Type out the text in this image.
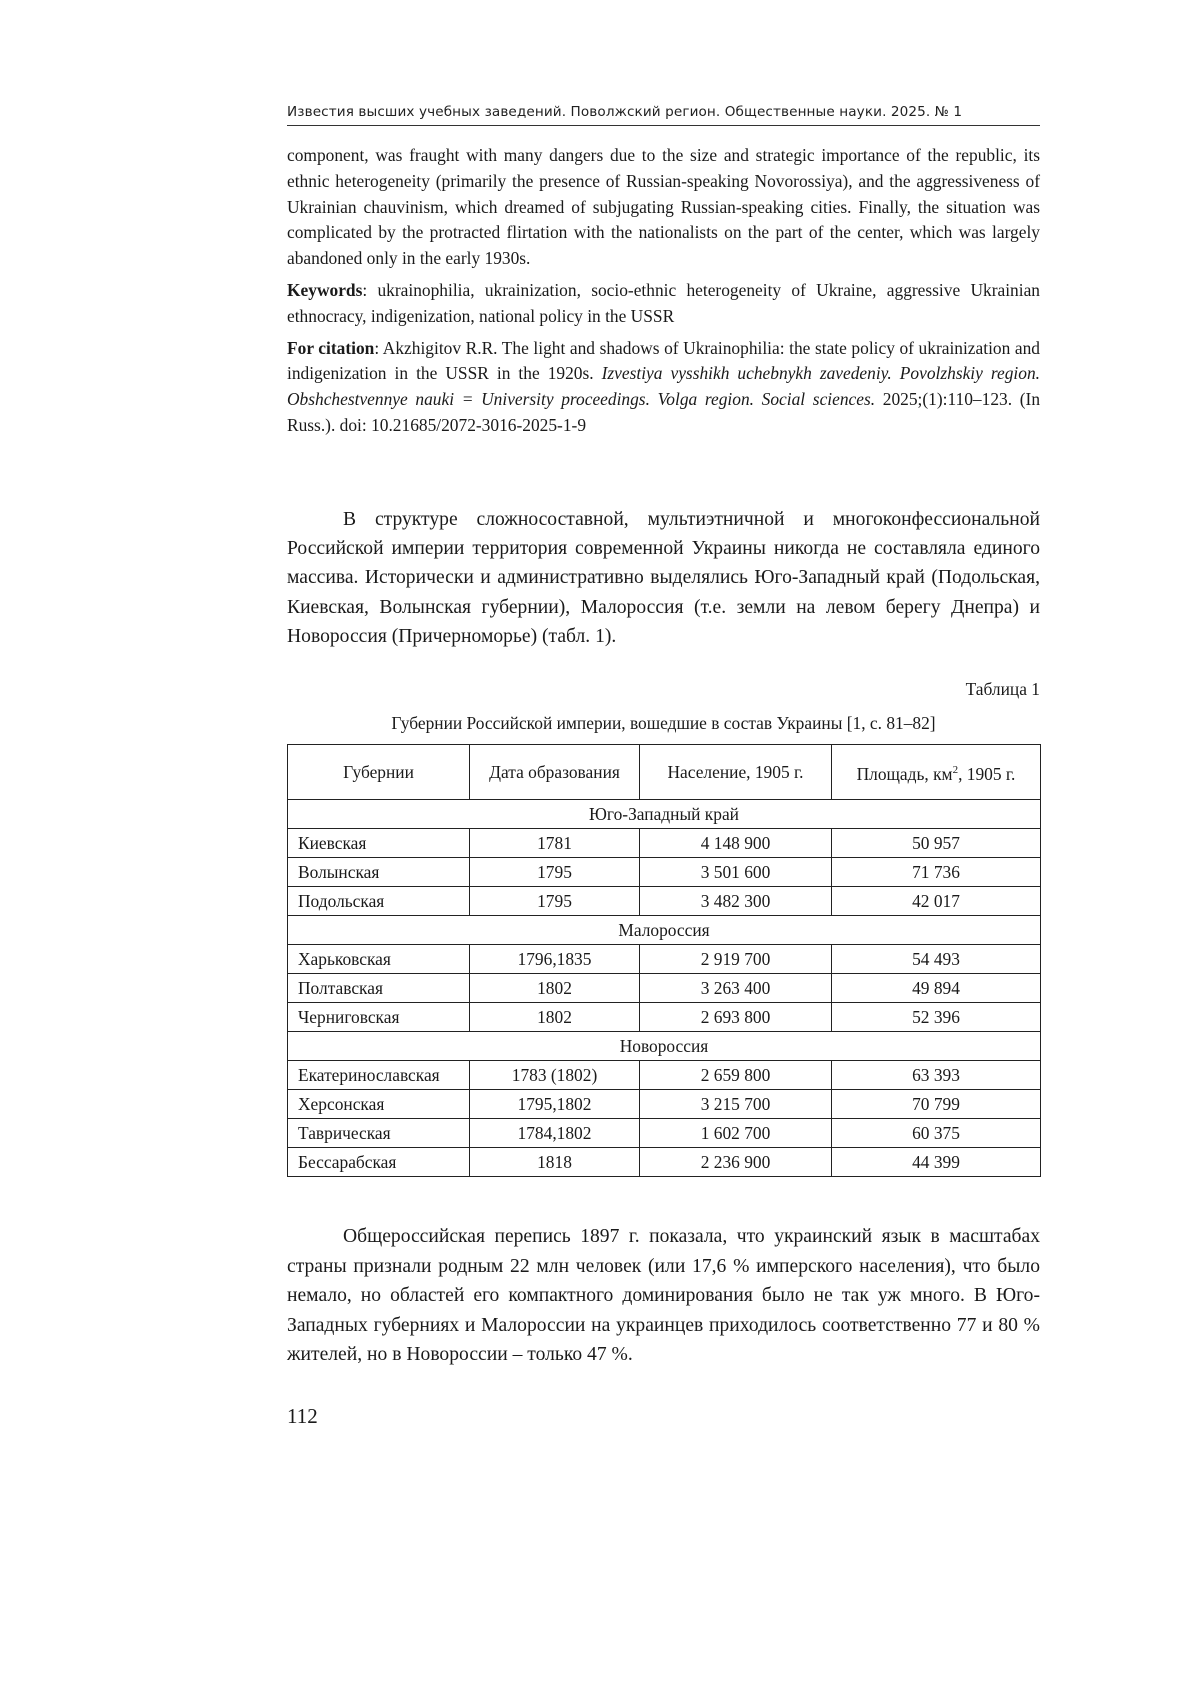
Известия высших учебных заведений. Поволжский регион. Общественные науки. 2025. № 1

component, was fraught with many dangers due to the size and strategic importance of the republic, its ethnic heterogeneity (primarily the presence of Russian-speaking Novorossiya), and the aggressiveness of Ukrainian chauvinism, which dreamed of subjugating Russian-speaking cities. Finally, the situation was complicated by the protracted flirtation with the nationalists on the part of the center, which was largely abandoned only in the early 1930s.

Keywords: ukrainophilia, ukrainization, socio-ethnic heterogeneity of Ukraine, aggressive Ukrainian ethnocracy, indigenization, national policy in the USSR

For citation: Akzhigitov R.R. The light and shadows of Ukrainophilia: the state policy of ukrainization and indigenization in the USSR in the 1920s. Izvestiya vysshikh uchebnykh zavedeniy. Povolzhskiy region. Obshchestvennye nauki = University proceedings. Volga region. Social sciences. 2025;(1):110–123. (In Russ.). doi: 10.21685/2072-3016-2025-1-9

В структуре сложносоставной, мультиэтничной и многоконфессиональной Российской империи территория современной Украины никогда не составляла единого массива. Исторически и административно выделялись Юго-Западный край (Подольская, Киевская, Волынская губернии), Малороссия (т.е. земли на левом берегу Днепра) и Новороссия (Причерноморье) (табл. 1).

Таблица 1
Губернии Российской империи, вошедшие в состав Украины [1, с. 81–82]
Губернии	Дата образования	Население, 1905 г.	Площадь, $км^2$, 1905 г.
Юго-Западный край			
Киевская	1781	4 148 900	50 957
Волынская	1795	3 501 600	71 736
Подольская	1795	3 482 300	42 017
Малороссия			
Харьковская	1796,1835	2 919 700	54 493
Полтавская	1802	3 263 400	49 894
Черниговская	1802	2 693 800	52 396
Новороссия			
Екатеринославская	1783 (1802)	2 659 800	63 393
Херсонская	1795,1802	3 215 700	70 799
Таврическая	1784,1802	1 602 700	60 375
Бессарабская	1818	2 236 900	44 399

Общероссийская перепись 1897 г. показала, что украинский язык в масштабах страны признали родным 22 млн человек (или 17,6 % имперского населения), что было немало, но областей его компактного доминирования было не так уж много. В Юго-Западных губерниях и Малороссии на украинцев приходилось соответственно 77 и 80 % жителей, но в Новороссии – только 47 %.

112
